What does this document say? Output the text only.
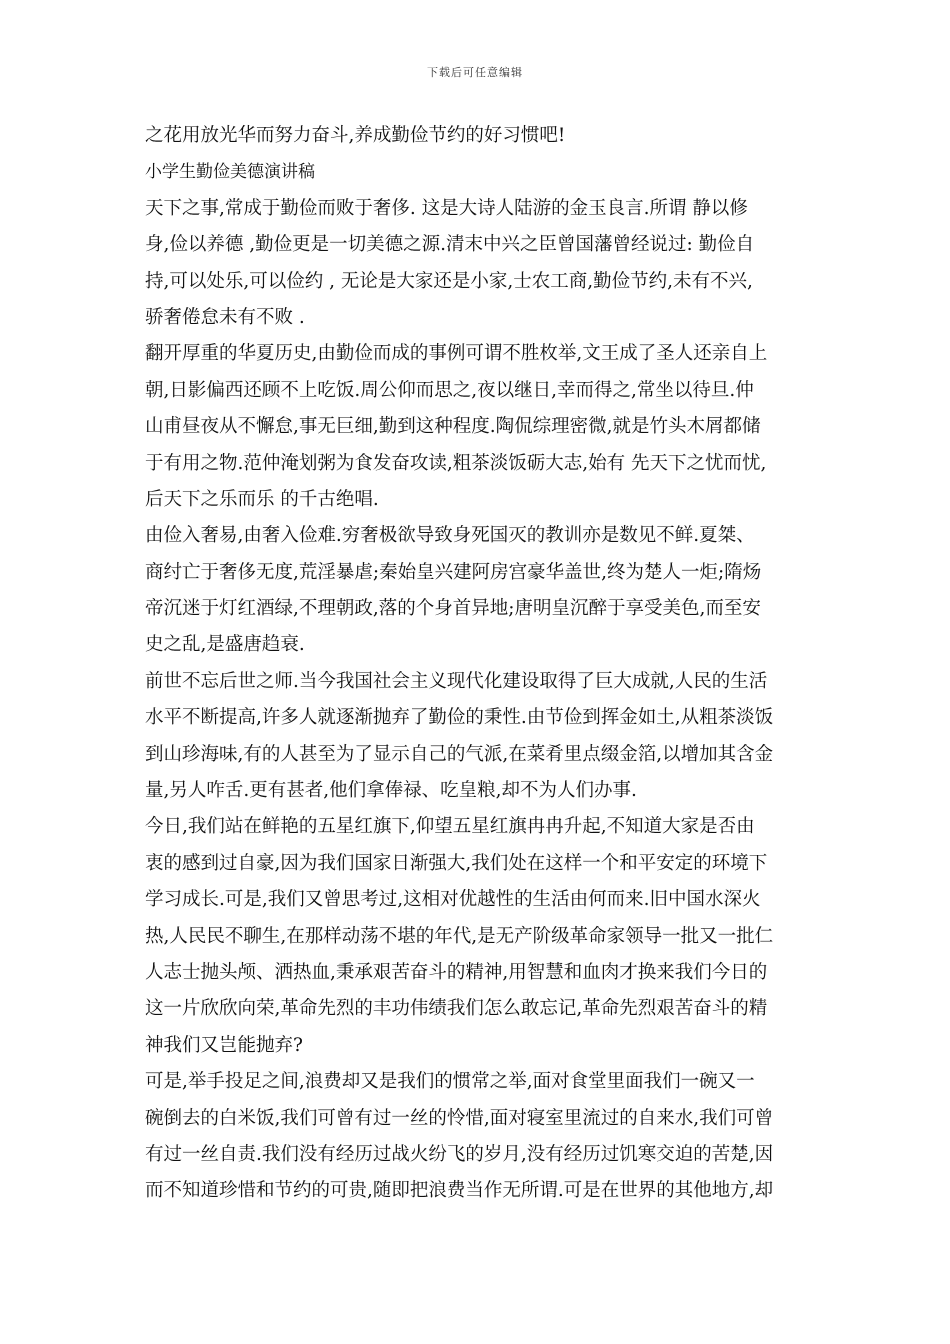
下载后可任意编辑
之花用放光华而努力奋斗,养成勤俭节约的好习惯吧!
小学生勤俭美德演讲稿
天下之事,常成于勤俭而败于奢侈. 这是大诗人陆游的金玉良言.所谓 静以修
身,俭以养德 ,勤俭更是一切美德之源.清末中兴之臣曾国藩曾经说过: 勤俭自
持,可以处乐,可以俭约 , 无论是大家还是小家,士农工商,勤俭节约,未有不兴,
骄奢倦怠未有不败 .
翻开厚重的华夏历史,由勤俭而成的事例可谓不胜枚举,文王成了圣人还亲自上
朝,日影偏西还顾不上吃饭.周公仰而思之,夜以继日,幸而得之,常坐以待旦.仲
山甫昼夜从不懈怠,事无巨细,勤到这种程度.陶侃综理密微,就是竹头木屑都储
于有用之物.范仲淹划粥为食发奋攻读,粗茶淡饭砺大志,始有 先天下之忧而忧,
后天下之乐而乐 的千古绝唱.
由俭入奢易,由奢入俭难.穷奢极欲导致身死国灭的教训亦是数见不鲜.夏桀、
商纣亡于奢侈无度,荒淫暴虐;秦始皇兴建阿房宫豪华盖世,终为楚人一炬;隋炀
帝沉迷于灯红酒绿,不理朝政,落的个身首异地;唐明皇沉醉于享受美色,而至安
史之乱,是盛唐趋衰.
前世不忘后世之师.当今我国社会主义现代化建设取得了巨大成就,人民的生活
水平不断提高,许多人就逐渐抛弃了勤俭的秉性.由节俭到挥金如土,从粗茶淡饭
到山珍海味,有的人甚至为了显示自己的气派,在菜肴里点缀金箔,以增加其含金
量,另人咋舌.更有甚者,他们拿俸禄、吃皇粮,却不为人们办事.
今日,我们站在鲜艳的五星红旗下,仰望五星红旗冉冉升起,不知道大家是否由
衷的感到过自豪,因为我们国家日渐强大,我们处在这样一个和平安定的环境下
学习成长.可是,我们又曾思考过,这相对优越性的生活由何而来.旧中国水深火
热,人民民不聊生,在那样动荡不堪的年代,是无产阶级革命家领导一批又一批仁
人志士抛头颅、洒热血,秉承艰苦奋斗的精神,用智慧和血肉才换来我们今日的
这一片欣欣向荣,革命先烈的丰功伟绩我们怎么敢忘记,革命先烈艰苦奋斗的精
神我们又岂能抛弃?
可是,举手投足之间,浪费却又是我们的惯常之举,面对食堂里面我们一碗又一
碗倒去的白米饭,我们可曾有过一丝的怜惜,面对寝室里流过的自来水,我们可曾
有过一丝自责.我们没有经历过战火纷飞的岁月,没有经历过饥寒交迫的苦楚,因
而不知道珍惜和节约的可贵,随即把浪费当作无所谓.可是在世界的其他地方,却
